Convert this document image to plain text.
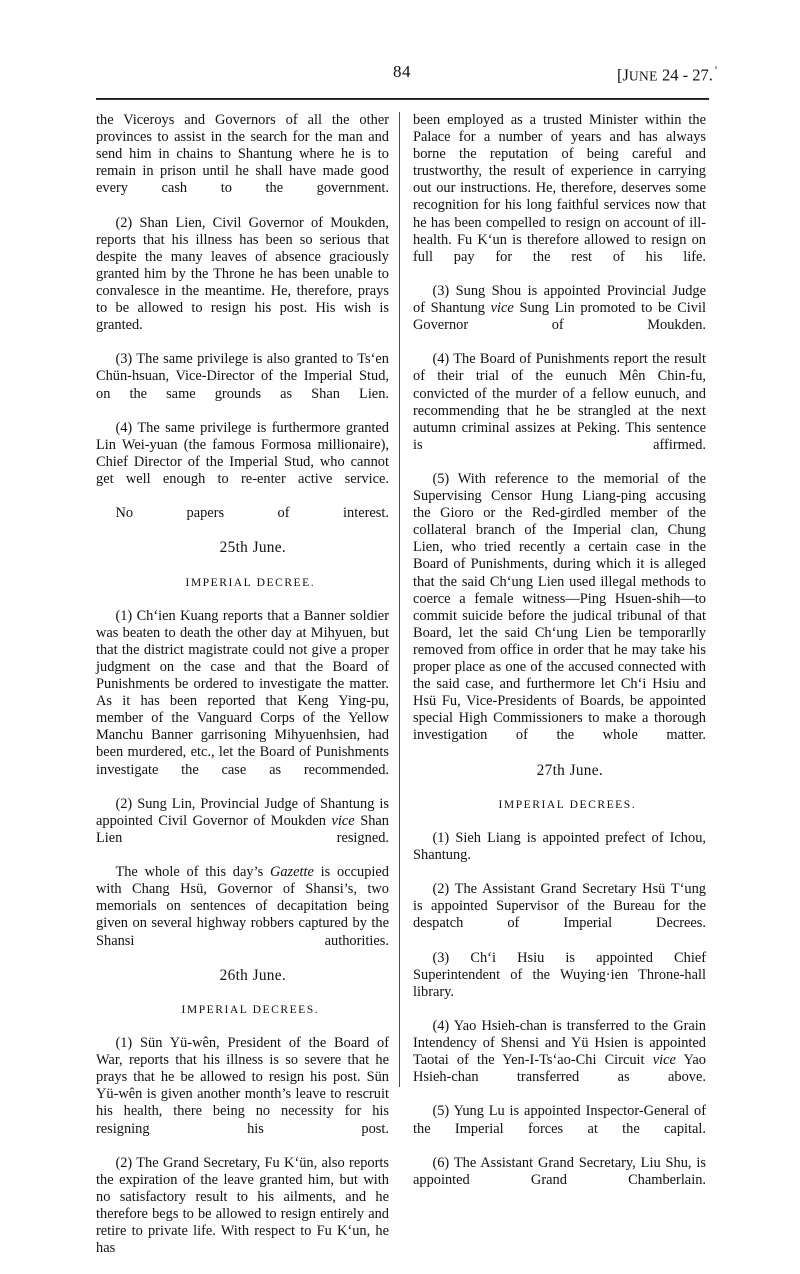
84	[JUNE 24 - 27. '

the Viceroys and Governors of all the other provinces to assist in the search for the man and send him in chains to Shantung where he is to remain in prison until he shall have made good every cash to the government.

(2) Shan Lien, Civil Governor of Moukden, reports that his illness has been so serious that despite the many leaves of absence graciously granted him by the Throne he has been unable to convalesce in the meantime. He, therefore, prays to be allowed to resign his post. His wish is granted.

(3) The same privilege is also granted to Ts‘en Chün-hsuan, Vice-Director of the Imperial Stud, on the same grounds as Shan Lien.

(4) The same privilege is furthermore granted Lin Wei-yuan (the famous Formosa millionaire), Chief Director of the Imperial Stud, who cannot get well enough to re-enter active service.

No papers of interest.

25th June.

IMPERIAL DECREE.

(1) Ch‘ien Kuang reports that a Banner soldier was beaten to death the other day at Mihyuen, but that the district magistrate could not give a proper judgment on the case and that the Board of Punishments be ordered to investigate the matter. As it has been reported that Keng Ying-pu, member of the Vanguard Corps of the Yellow Manchu Banner garrisoning Mihyuenhsien, had been murdered, etc., let the Board of Punishments investigate the case as recommended.

(2) Sung Lin, Provincial Judge of Shantung is appointed Civil Governor of Moukden vice Shan Lien resigned.

The whole of this day’s Gazette is occupied with Chang Hsü, Governor of Shansi’s, two memorials on sentences of decapitation being given on several highway robbers captured by the Shansi authorities.

26th June.

IMPERIAL DECREES.

(1) Sün Yü-wên, President of the Board of War, reports that his illness is so severe that he prays that he be allowed to resign his post. Sün Yü-wên is given another month’s leave to rescruit his health, there being no necessity for his resigning his post.

(2) The Grand Secretary, Fu K‘ün, also reports the expiration of the leave granted him, but with no satisfactory result to his ailments, and he therefore begs to be allowed to resign entirely and retire to private life. With respect to Fu K‘un, he has

been employed as a trusted Minister within the Palace for a number of years and has always borne the reputation of being careful and trustworthy, the result of experience in carrying out our instructions. He, therefore, deserves some recognition for his long faithful services now that he has been compelled to resign on account of ill-health. Fu K‘un is therefore allowed to resign on full pay for the rest of his life.

(3) Sung Shou is appointed Provincial Judge of Shantung vice Sung Lin promoted to be Civil Governor of Moukden.

(4) The Board of Punishments report the result of their trial of the eunuch Mên Chin-fu, convicted of the murder of a fellow eunuch, and recommending that he be strangled at the next autumn criminal assizes at Peking. This sentence is affirmed.

(5) With reference to the memorial of the Supervising Censor Hung Liang-ping accusing the Gioro or the Red-girdled member of the collateral branch of the Imperial clan, Chung Lien, who tried recently a certain case in the Board of Punishments, during which it is alleged that the said Ch‘ung Lien used illegal methods to coerce a female witness—Ping Hsuen-shih—to commit suicide before the judical tribunal of that Board, let the said Ch‘ung Lien be temporarlly removed from office in order that he may take his proper place as one of the accused connected with the said case, and furthermore let Ch‘i Hsiu and Hsü Fu, Vice-Presidents of Boards, be appointed special High Commissioners to make a thorough investigation of the whole matter.

27th June.

IMPERIAL DECREES.

(1) Sieh Liang is appointed prefect of Ichou, Shantung.

(2) The Assistant Grand Secretary Hsü T‘ung is appointed Supervisor of the Bureau for the despatch of Imperial Decrees.

(3) Ch‘i Hsiu is appointed Chief Superintendent of the Wuying·ien Throne-hall library.

(4) Yao Hsieh-chan is transferred to the Grain Intendency of Shensi and Yü Hsien is appointed Taotai of the Yen-I-Ts‘ao-Chi Circuit vice Yao Hsieh-chan transferred as above.

(5) Yung Lu is appointed Inspector-General of the Imperial forces at the capital.

(6) The Assistant Grand Secretary, Liu Shu, is appointed Grand Chamberlain.
